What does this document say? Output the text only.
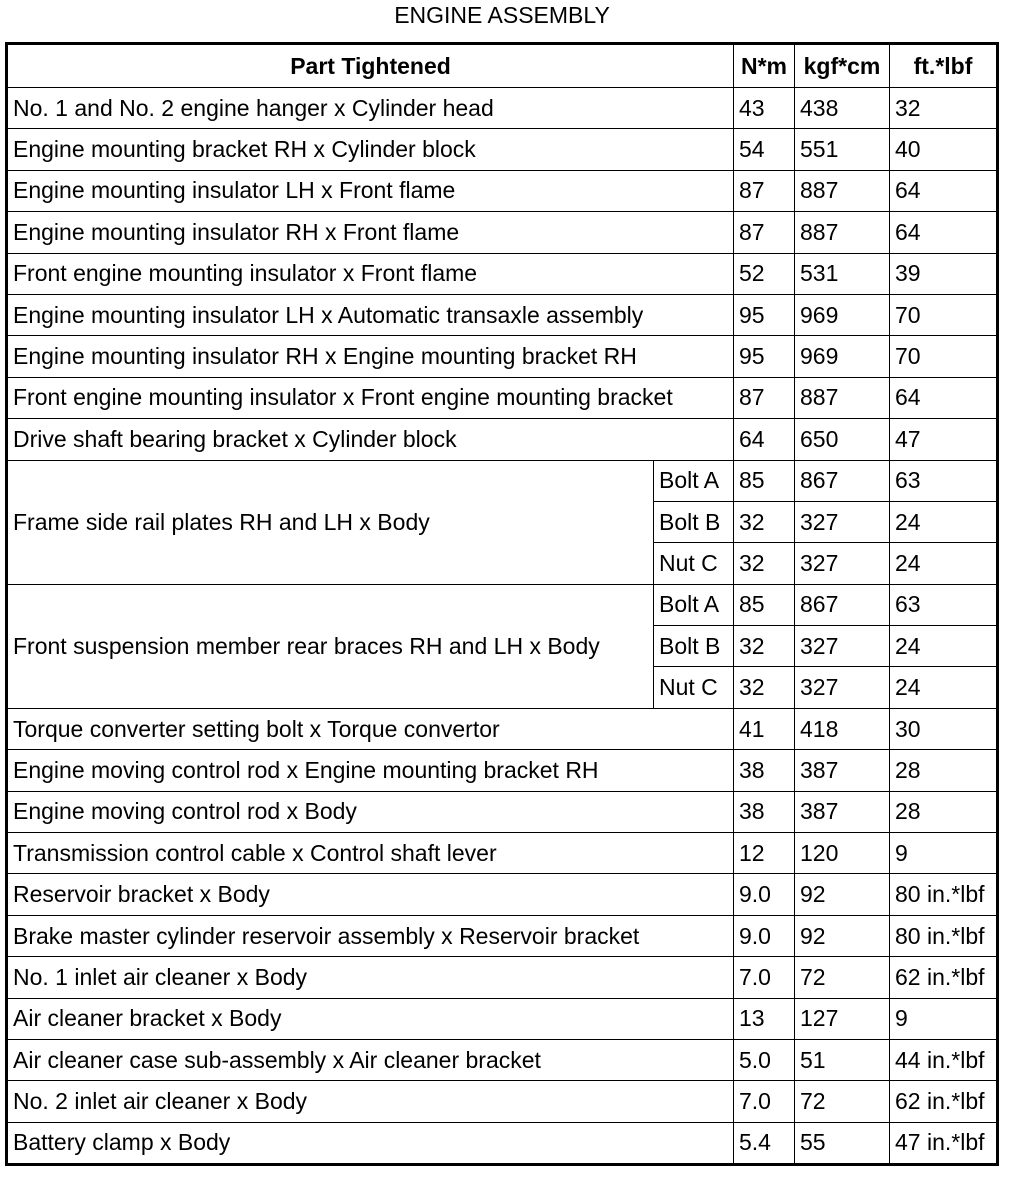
ENGINE ASSEMBLY
Part Tightened		N*m	kgf*cm	ft.*lbf
No. 1 and No. 2 engine hanger x Cylinder head		43	438	32
Engine mounting bracket RH x Cylinder block		54	551	40
Engine mounting insulator LH x Front flame		87	887	64
Engine mounting insulator RH x Front flame		87	887	64
Front engine mounting insulator x Front flame		52	531	39
Engine mounting insulator LH x Automatic transaxle assembly		95	969	70
Engine mounting insulator RH x Engine mounting bracket RH		95	969	70
Front engine mounting insulator x Front engine mounting bracket		87	887	64
Drive shaft bearing bracket x Cylinder block		64	650	47
Frame side rail plates RH and LH x Body	Bolt A	85	867	63
	Bolt B	32	327	24
	Nut C	32	327	24
Front suspension member rear braces RH and LH x Body	Bolt A	85	867	63
	Bolt B	32	327	24
	Nut C	32	327	24
Torque converter setting bolt x Torque convertor		41	418	30
Engine moving control rod x Engine mounting bracket RH		38	387	28
Engine moving control rod x Body		38	387	28
Transmission control cable x Control shaft lever		12	120	9
Reservoir bracket x Body		9.0	92	80 in.*lbf
Brake master cylinder reservoir assembly x Reservoir bracket		9.0	92	80 in.*lbf
No. 1 inlet air cleaner x Body		7.0	72	62 in.*lbf
Air cleaner bracket x Body		13	127	9
Air cleaner case sub-assembly x Air cleaner bracket		5.0	51	44 in.*lbf
No. 2 inlet air cleaner x Body		7.0	72	62 in.*lbf
Battery clamp x Body		5.4	55	47 in.*lbf
